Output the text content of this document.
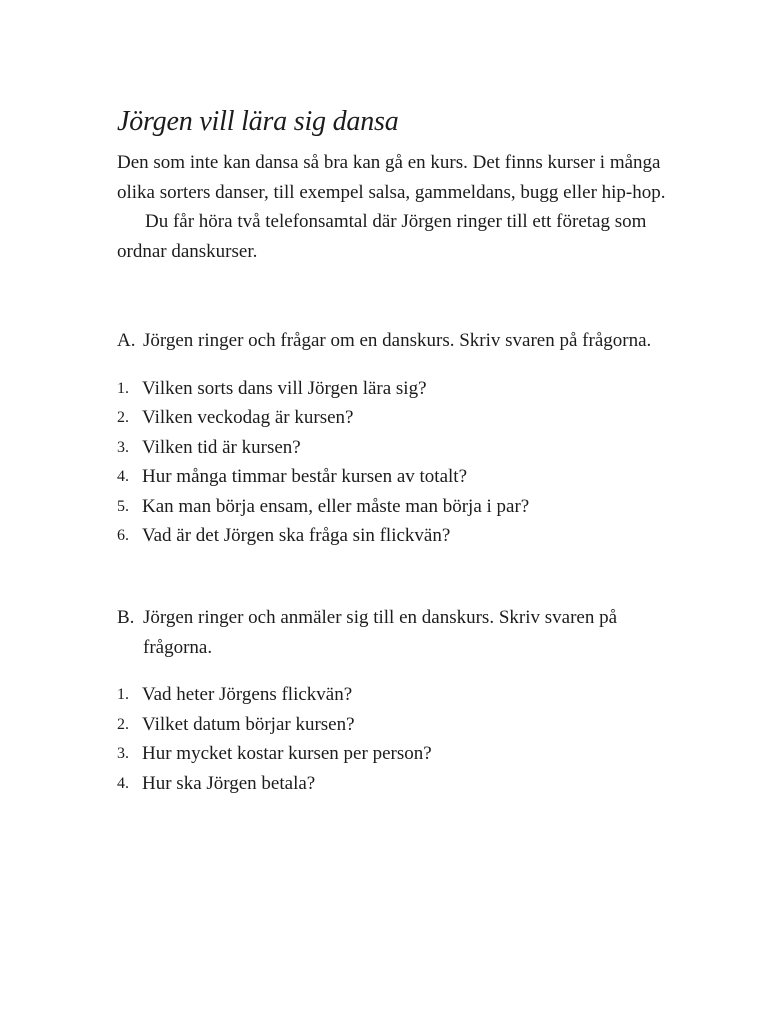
Jörgen vill lära sig dansa

Den som inte kan dansa så bra kan gå en kurs. Det finns kurser i många olika sorters danser, till exempel salsa, gammeldans, bugg eller hip-hop.

Du får höra två telefonsamtal där Jörgen ringer till ett företag som ordnar danskurser.

A. Jörgen ringer och frågar om en danskurs. Skriv svaren på frågorna.
1. Vilken sorts dans vill Jörgen lära sig?
2. Vilken veckodag är kursen?
3. Vilken tid är kursen?
4. Hur många timmar består kursen av totalt?
5. Kan man börja ensam, eller måste man börja i par?
6. Vad är det Jörgen ska fråga sin flickvän?
B. Jörgen ringer och anmäler sig till en danskurs. Skriv svaren på frågorna.
1. Vad heter Jörgens flickvän?
2. Vilket datum börjar kursen?
3. Hur mycket kostar kursen per person?
4. Hur ska Jörgen betala?
